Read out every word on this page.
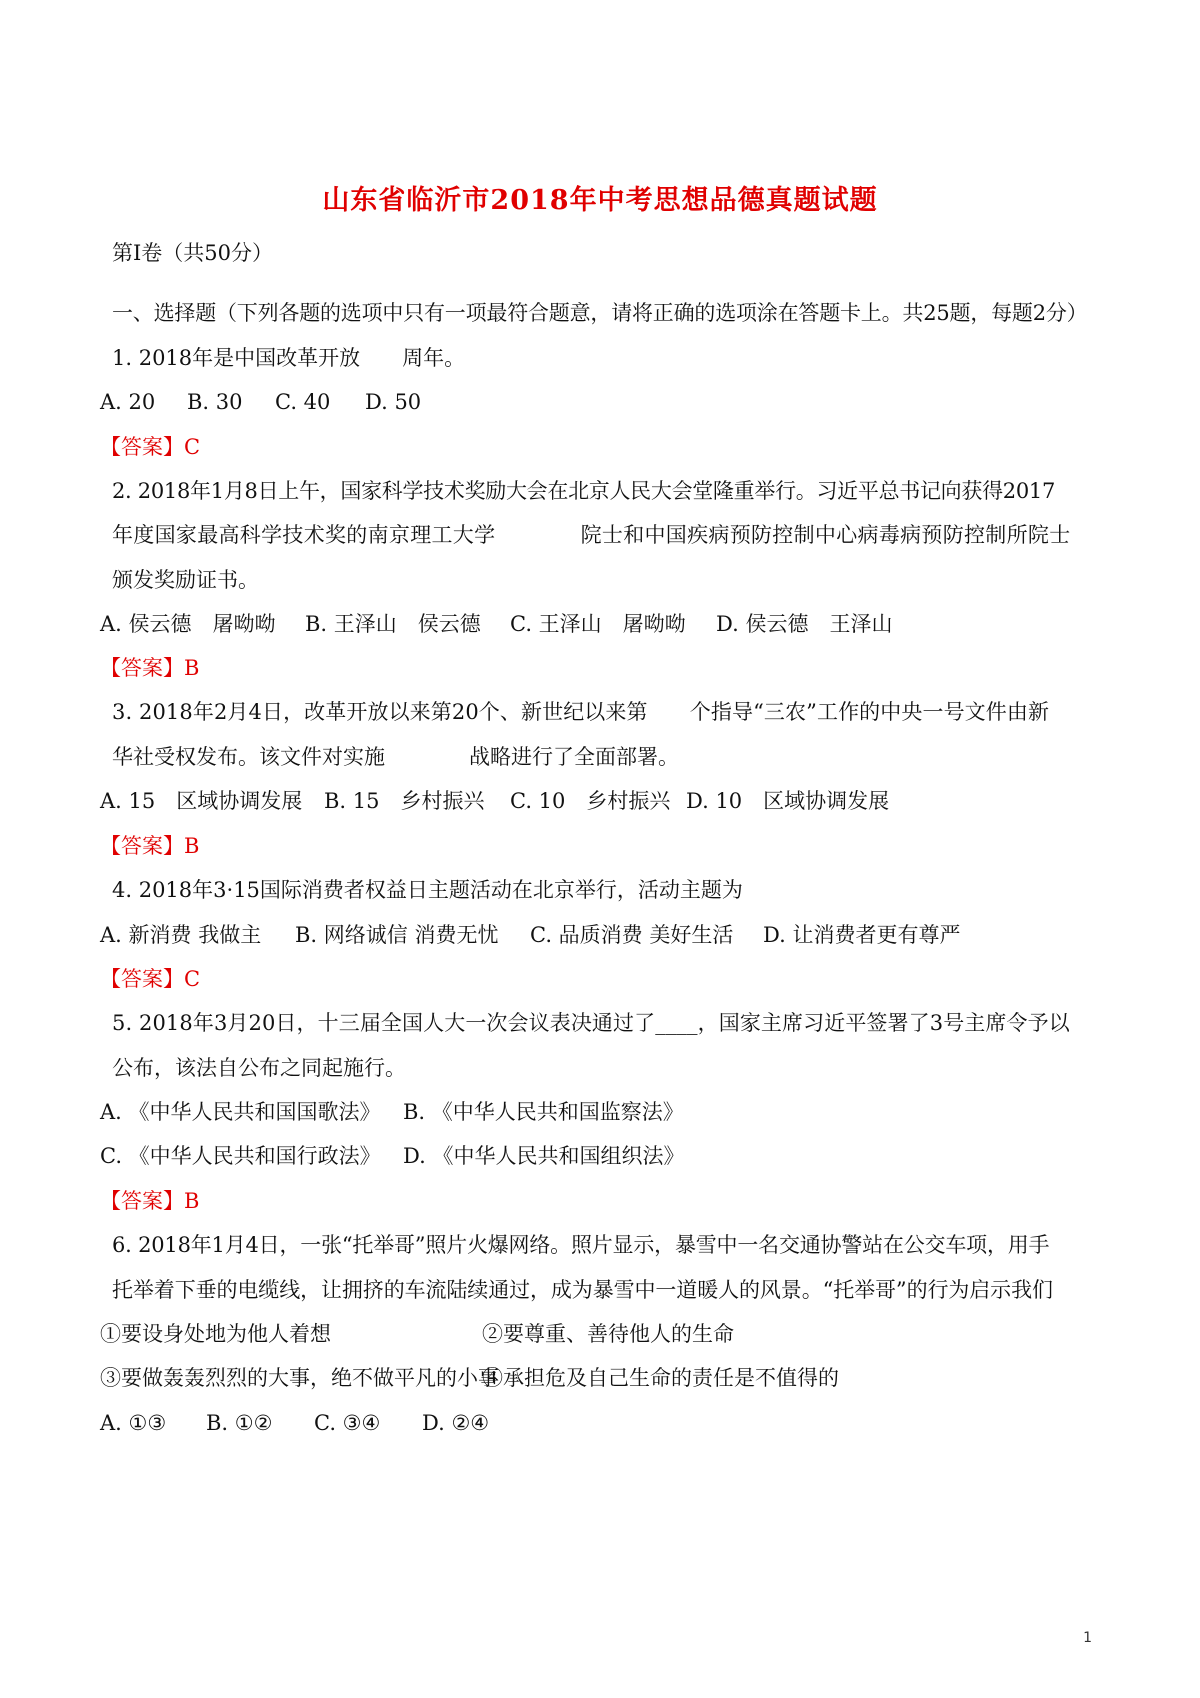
山东省临沂市2018年中考思想品德真题试题
第Ⅰ卷（共50分）
一、选择题（下列各题的选项中只有一项最符合题意，请将正确的选项涂在答题卡上。共25题，每题2分）
1. 2018年是中国改革开放　　周年。
A. 20 B. 30 C. 40 D. 50
【答案】C
2. 2018年1月8日上午，国家科学技术奖励大会在北京人民大会堂隆重举行。习近平总书记向获得2017
年度国家最高科学技术奖的南京理工大学　　　　院士和中国疾病预防控制中心病毒病预防控制所院士
颁发奖励证书。
A. 侯云德　屠呦呦 B. 王泽山　侯云德 C. 王泽山　屠呦呦 D. 侯云德　王泽山
【答案】B
3. 2018年2月4日，改革开放以来第20个、新世纪以来第　　个指导“三农”工作的中央一号文件由新
华社受权发布。该文件对实施　　　　战略进行了全面部署。
A. 15　区域协调发展 B. 15　乡村振兴 C. 10　乡村振兴 D. 10　区域协调发展
【答案】B
4. 2018年3·15国际消费者权益日主题活动在北京举行，活动主题为
A. 新消费 我做主 B. 网络诚信 消费无忧 C. 品质消费 美好生活 D. 让消费者更有尊严
【答案】C
5. 2018年3月20日，十三届全国人大一次会议表决通过了____，国家主席习近平签署了3号主席令予以
公布，该法自公布之同起施行。
A. 《中华人民共和国国歌法》 B. 《中华人民共和国监察法》
C. 《中华人民共和国行政法》 D. 《中华人民共和国组织法》
【答案】B
6. 2018年1月4日，一张“托举哥”照片火爆网络。照片显示，暴雪中一名交通协警站在公交车项，用手
托举着下垂的电缆线，让拥挤的车流陆续通过，成为暴雪中一道暖人的风景。“托举哥”的行为启示我们
①要设身处地为他人着想	②要尊重、善待他人的生命
③要做轰轰烈烈的大事，绝不做平凡的小事
④承担危及自己生命的责任是不值得的
A. ①③ B. ①② C. ③④ D. ②④
1
